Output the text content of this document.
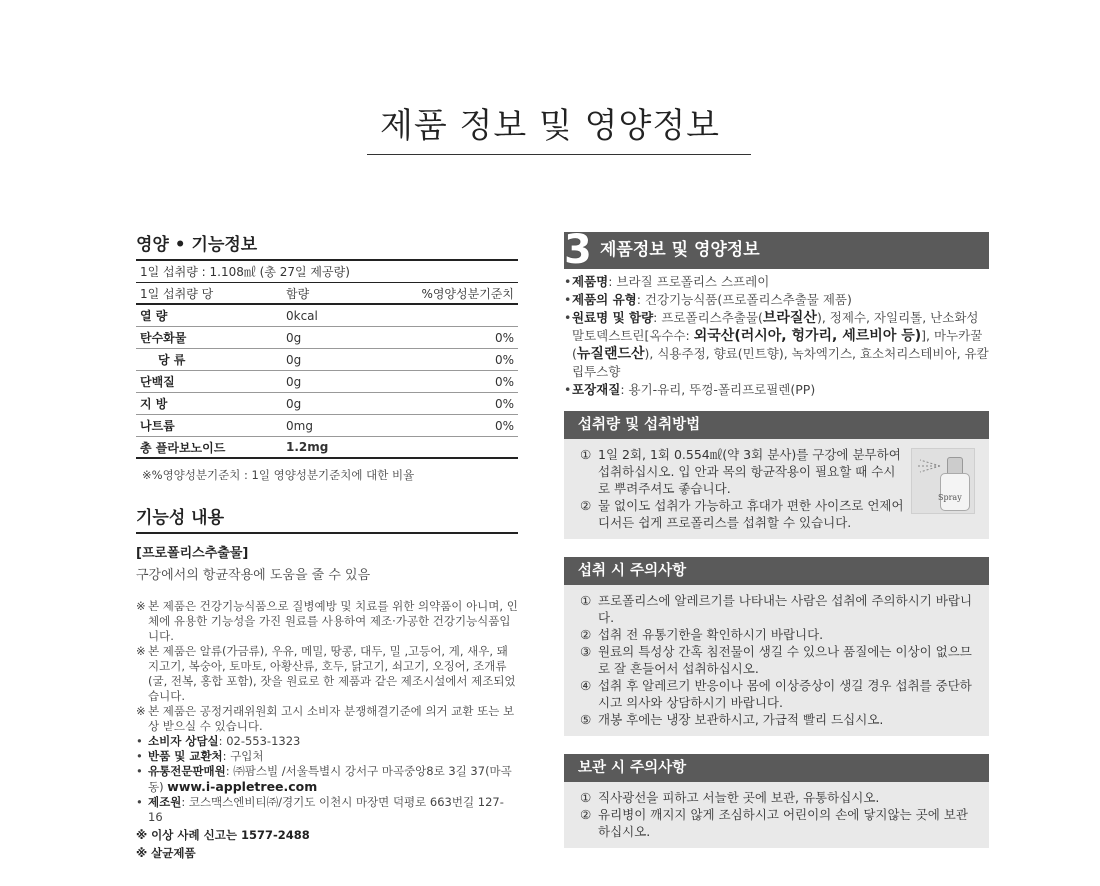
제품 정보 및 영양정보
영양 • 기능정보
1일 섭취량 : 1.108㎖ (총 27일 제공량)
1일 섭취량 당	함량	%영양성분기준치
열 량	0kcal
탄수화물	0g	0%
당 류	0g	0%
단백질	0g	0%
지 방	0g	0%
나트륨	0mg	0%
총 플라보노이드	1.2mg
※%영양성분기준치 : 1일 영양성분기준치에 대한 비율
기능성 내용
[프로폴리스추출물]
구강에서의 항균작용에 도움을 줄 수 있음
※ 본 제품은 건강기능식품으로 질병예방 및 치료를 위한 의약품이 아니며, 인체에 유용한 기능성을 가진 원료를 사용하여 제조·가공한 건강기능식품입니다.
※ 본 제품은 알류(가금류), 우유, 메밀, 땅콩, 대두, 밀 ,고등어, 게, 새우, 돼지고기, 복숭아, 토마토, 아황산류, 호두, 닭고기, 쇠고기, 오징어, 조개류(굴, 전복, 홍합 포함), 잣을 원료로 한 제품과 같은 제조시설에서 제조되었습니다.
※ 본 제품은 공정거래위원회 고시 소비자 분쟁해결기준에 의거 교환 또는 보상 받으실 수 있습니다.
• 소비자 상담실: 02-553-1323
• 반품 및 교환처: 구입처
• 유통전문판매원: ㈜팜스빌 /서울특별시 강서구 마곡중앙8로 3길 37(마곡동) www.i-appletree.com
• 제조원: 코스맥스엔비티㈜/경기도 이천시 마장면 덕평로 663번길 127-16
※ 이상 사례 신고는 1577-2488
※ 살균제품
3 제품정보 및 영양정보
• 제품명: 브라질 프로폴리스 스프레이
• 제품의 유형: 건강기능식품(프로폴리스추출물 제품)
• 원료명 및 함량: 프로폴리스추출물(브라질산), 정제수, 자일리톨, 난소화성말토덱스트린[옥수수: 외국산(러시아, 헝가리, 세르비아 등)], 마누카꿀(뉴질랜드산), 식용주정, 향료(민트향), 녹차엑기스, 효소처리스테비아, 유칼립투스향
• 포장재질: 용기-유리, 뚜껑-폴리프로필렌(PP)
섭취량 및 섭취방법
① 1일 2회, 1회 0.554㎖(약 3회 분사)를 구강에 분무하여 섭취하십시오. 입 안과 목의 항균작용이 필요할 때 수시로 뿌려주셔도 좋습니다.
② 물 없이도 섭취가 가능하고 휴대가 편한 사이즈로 언제어디서든 쉽게 프로폴리스를 섭취할 수 있습니다.
Spray
섭취 시 주의사항
① 프로폴리스에 알레르기를 나타내는 사람은 섭취에 주의하시기 바랍니다.
② 섭취 전 유통기한을 확인하시기 바랍니다.
③ 원료의 특성상 간혹 침전물이 생길 수 있으나 품질에는 이상이 없으므로 잘 흔들어서 섭취하십시오.
④ 섭취 후 알레르기 반응이나 몸에 이상증상이 생길 경우 섭취를 중단하시고 의사와 상담하시기 바랍니다.
⑤ 개봉 후에는 냉장 보관하시고, 가급적 빨리 드십시오.
보관 시 주의사항
① 직사광선을 피하고 서늘한 곳에 보관, 유통하십시오.
② 유리병이 깨지지 않게 조심하시고 어린이의 손에 닿지않는 곳에 보관하십시오.
